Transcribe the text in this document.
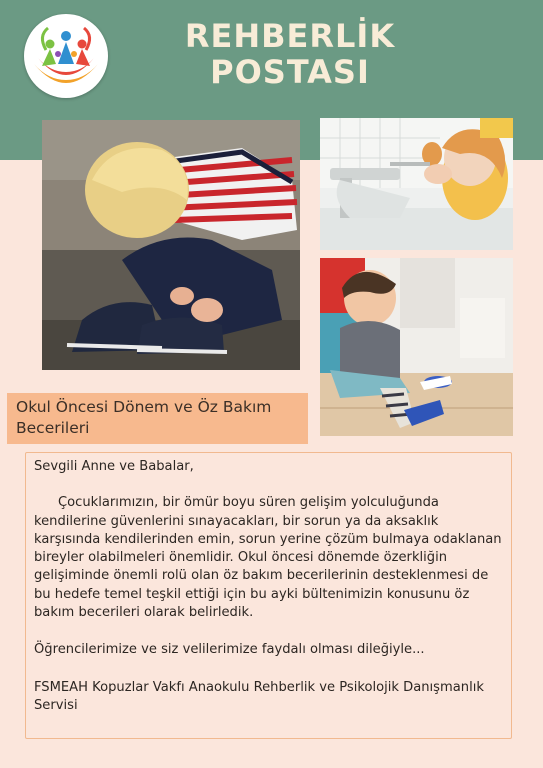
REHBERLİK
POSTASI
Okul Öncesi Dönem ve Öz Bakım
Becerileri

Sevgili Anne ve Babalar,

Çocuklarımızın, bir ömür boyu süren gelişim yolculuğunda kendilerine güvenlerini sınayacakları, bir sorun ya da aksaklık karşısında kendilerinden emin, sorun yerine çözüm bulmaya odaklanan bireyler olabilmeleri önemlidir. Okul öncesi dönemde özerkliğin gelişiminde önemli rolü olan öz bakım becerilerinin desteklenmesi de bu hedefe temel teşkil ettiği için bu ayki bültenimizin konusunu öz bakım becerileri olarak belirledik.

Öğrencilerimize ve siz velilerimize faydalı olması dileğiyle...

FSMEAH Kopuzlar Vakfı Anaokulu Rehberlik ve Psikolojik Danışmanlık Servisi
